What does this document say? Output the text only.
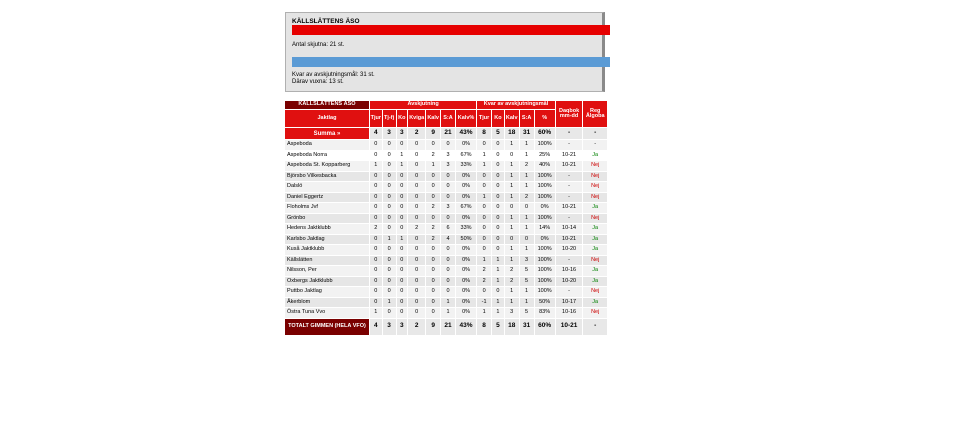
KÄLLSLÄTTENS ÄSO
Antal skjutna: 21 st.
Kvar av avskjutningsmål: 31 st.
Därav vuxna: 13 st.
KÄLLSLÄTTENS ÄSO	Avskjutning							Kvar av avskjutningsmål					Daqbok mm-dd	Reg Älgoba
Jaktlag	Tjur	Tj-fj	Ko	Kviga	Kalv	S:A	Kalv%	Tjur	Ko	Kalv	S:A	%		
Summa »	4	3	3	2	9	21	43%	8	5	18	31	60%	-	-
Aspeboda	0	0	0	0	0	0	0%	0	0	1	1	100%	-	-
Aspeboda Norra	0	0	1	0	2	3	67%	1	0	0	1	25%	10-21	Ja
Aspeboda St. Kopparberg	1	0	1	0	1	3	33%	1	0	1	2	40%	10-21	Nej
Björsbo Vilkesbacka	0	0	0	0	0	0	0%	0	0	1	1	100%	-	Nej
Dalslö	0	0	0	0	0	0	0%	0	0	1	1	100%	-	Nej
Daniel Eggertz	0	0	0	0	0	0	0%	1	0	1	2	100%	-	Nej
Floholms Jvf	0	0	0	0	2	3	67%	0	0	0	0	0%	10-21	Ja
Grönbo	0	0	0	0	0	0	0%	0	0	1	1	100%	-	Nej
Hedens Jaktklubb	2	0	0	2	2	6	33%	0	0	1	1	14%	10-14	Ja
Karlsbo Jaktlag	0	1	1	0	2	4	50%	0	0	0	0	0%	10-21	Ja
Kuså Jaktklubb	0	0	0	0	0	0	0%	0	0	1	1	100%	10-20	Ja
Källslätten	0	0	0	0	0	0	0%	1	1	1	3	100%	-	Nej
Nilsson, Per	0	0	0	0	0	0	0%	2	1	2	5	100%	10-16	Ja
Oxbergs Jaktklubb	0	0	0	0	0	0	0%	2	1	2	5	100%	10-20	Ja
Puttbo Jaktlag	0	0	0	0	0	0	0%	0	0	1	1	100%	-	Nej
Åkerblom	0	1	0	0	0	1	0%	-1	1	1	1	50%	10-17	Ja
Östra Tuna Vvo	1	0	0	0	0	1	0%	1	1	3	5	83%	10-16	Nej
TOTALT GIMMEN (HELA VFO)	4	3	3	2	9	21	43%	8	5	18	31	60%	10-21	-
